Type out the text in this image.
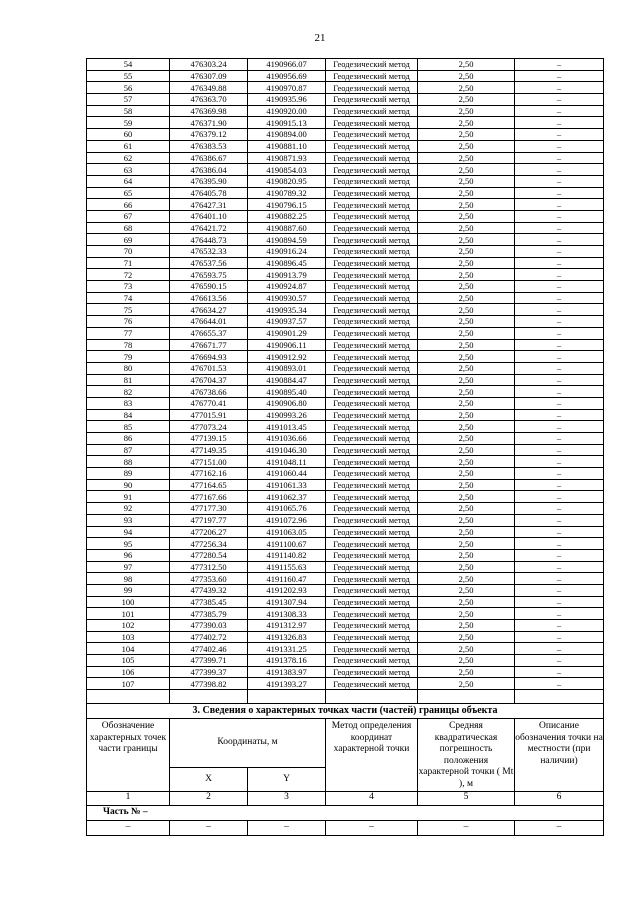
21
54	476303.24	4190966.07	Геодезический метод	2,50	–
55	476307.09	4190956.69	Геодезический метод	2,50	–
56	476349.88	4190970.87	Геодезический метод	2,50	–
57	476363.70	4190935.96	Геодезический метод	2,50	–
58	476369.98	4190920.00	Геодезический метод	2,50	–
59	476371.90	4190915.13	Геодезический метод	2,50	–
60	476379.12	4190894.00	Геодезический метод	2,50	–
61	476383.53	4190881.10	Геодезический метод	2,50	–
62	476386.67	4190871.93	Геодезический метод	2,50	–
63	476386.04	4190854.03	Геодезический метод	2,50	–
64	476395.90	4190820.95	Геодезический метод	2,50	–
65	476405.78	4190789.32	Геодезический метод	2,50	–
66	476427.31	4190796.15	Геодезический метод	2,50	–
67	476401.10	4190882.25	Геодезический метод	2,50	–
68	476421.72	4190887.60	Геодезический метод	2,50	–
69	476448.73	4190894.59	Геодезический метод	2,50	–
70	476532.33	4190916.24	Геодезический метод	2,50	–
71	476537.56	4190896.45	Геодезический метод	2,50	–
72	476593.75	4190913.79	Геодезический метод	2,50	–
73	476590.15	4190924.87	Геодезический метод	2,50	–
74	476613.56	4190930.57	Геодезический метод	2,50	–
75	476634.27	4190935.34	Геодезический метод	2,50	–
76	476644.01	4190937.57	Геодезический метод	2,50	–
77	476655.37	4190901.29	Геодезический метод	2,50	–
78	476671.77	4190906.11	Геодезический метод	2,50	–
79	476694.93	4190912.92	Геодезический метод	2,50	–
80	476701.53	4190893.01	Геодезический метод	2,50	–
81	476704.37	4190884.47	Геодезический метод	2,50	–
82	476738.66	4190895.40	Геодезический метод	2,50	–
83	476770.41	4190906.80	Геодезический метод	2,50	–
84	477015.91	4190993.26	Геодезический метод	2,50	–
85	477073.24	4191013.45	Геодезический метод	2,50	–
86	477139.15	4191036.66	Геодезический метод	2,50	–
87	477149.35	4191046.30	Геодезический метод	2,50	–
88	477151.00	4191048.11	Геодезический метод	2,50	–
89	477162.16	4191060.44	Геодезический метод	2,50	–
90	477164.65	4191061.33	Геодезический метод	2,50	–
91	477167.66	4191062.37	Геодезический метод	2,50	–
92	477177.30	4191065.76	Геодезический метод	2,50	–
93	477197.77	4191072.96	Геодезический метод	2,50	–
94	477206.27	4191063.05	Геодезический метод	2,50	–
95	477256.34	4191100.67	Геодезический метод	2,50	–
96	477280.54	4191140.82	Геодезический метод	2,50	–
97	477312.50	4191155.63	Геодезический метод	2,50	–
98	477353.60	4191160.47	Геодезический метод	2,50	–
99	477439.32	4191202.93	Геодезический метод	2,50	–
100	477385.45	4191307.94	Геодезический метод	2,50	–
101	477385.79	4191308.33	Геодезический метод	2,50	–
102	477390.03	4191312.97	Геодезический метод	2,50	–
103	477402.72	4191326.83	Геодезический метод	2,50	–
104	477402.46	4191331.25	Геодезический метод	2,50	–
105	477399.71	4191378.16	Геодезический метод	2,50	–
106	477399.37	4191383.97	Геодезический метод	2,50	–
107	477398.82	4191393.27	Геодезический метод	2,50	–

3. Сведения о характерных точках части (частей) границы объекта					
Обозначение характерных точек части границы	Координаты, м		Метод определения координат характерной точки	Средняя квадратическая погрешность положения характерной точки ( Mt ), м	Описание обозначения точки на местности (при наличии)
	X	Y			
1	2	3	4	5	6
Часть № –					
–	–	–	–	–	–
